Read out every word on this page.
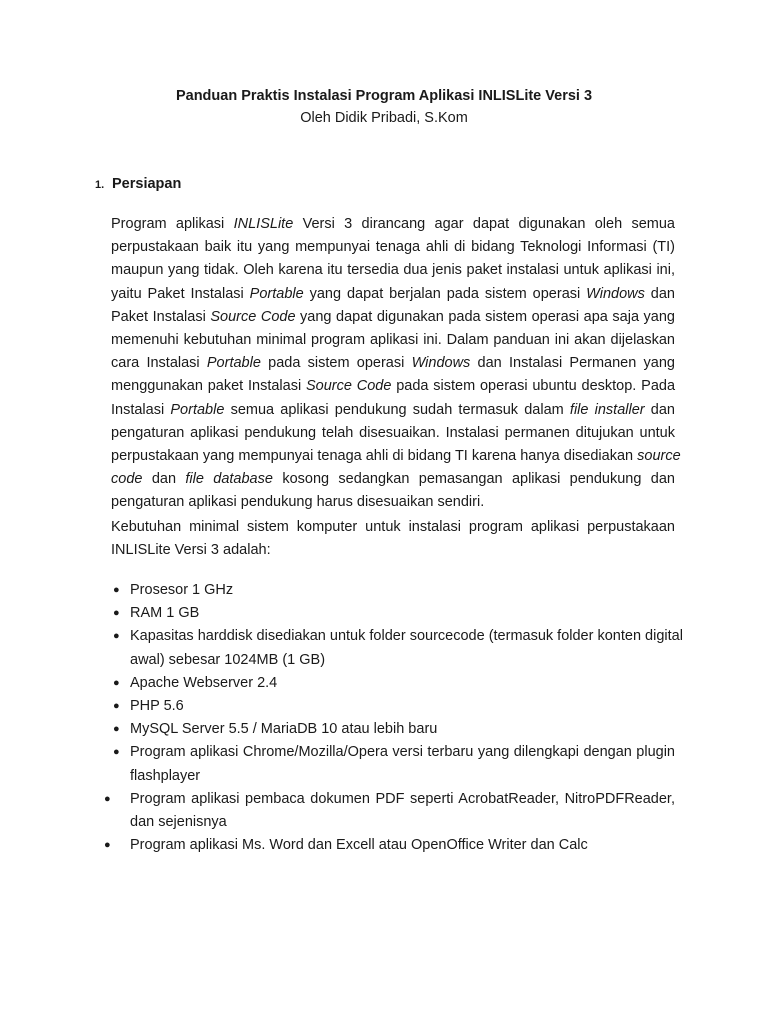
Panduan Praktis Instalasi Program Aplikasi INLISLite Versi 3
Oleh Didik Pribadi, S.Kom
1. Persiapan
Program aplikasi INLISLite Versi 3 dirancang agar dapat digunakan oleh semua
perpustakaan baik itu yang mempunyai tenaga ahli di bidang Teknologi Informasi (TI)
maupun yang tidak. Oleh karena itu tersedia dua jenis paket instalasi untuk aplikasi ini,
yaitu Paket Instalasi Portable yang dapat berjalan pada sistem operasi Windows dan
Paket Instalasi Source Code yang dapat digunakan pada sistem operasi apa saja yang
memenuhi kebutuhan minimal program aplikasi ini. Dalam panduan ini akan dijelaskan
cara Instalasi Portable pada sistem operasi Windows dan Instalasi Permanen yang
menggunakan paket Instalasi Source Code pada sistem operasi ubuntu desktop. Pada
Instalasi Portable semua aplikasi pendukung sudah termasuk dalam file installer dan
pengaturan aplikasi pendukung telah disesuaikan. Instalasi permanen ditujukan untuk
perpustakaan yang mempunyai tenaga ahli di bidang TI karena hanya disediakan source
code dan file database kosong sedangkan pemasangan aplikasi pendukung dan
pengaturan aplikasi pendukung harus disesuaikan sendiri.
Kebutuhan minimal sistem komputer untuk instalasi program aplikasi perpustakaan
INLISLite Versi 3 adalah:
● Prosesor 1 GHz
● RAM 1 GB
● Kapasitas harddisk disediakan untuk folder sourcecode (termasuk folder konten digital
awal) sebesar 1024MB (1 GB)
● Apache Webserver 2.4
● PHP 5.6
● MySQL Server 5.5 / MariaDB 10 atau lebih baru
● Program aplikasi Chrome/Mozilla/Opera versi terbaru yang dilengkapi dengan plugin
flashplayer
● Program aplikasi pembaca dokumen PDF seperti AcrobatReader, NitroPDFReader,
dan sejenisnya
● Program aplikasi Ms. Word dan Excell atau OpenOffice Writer dan Calc
